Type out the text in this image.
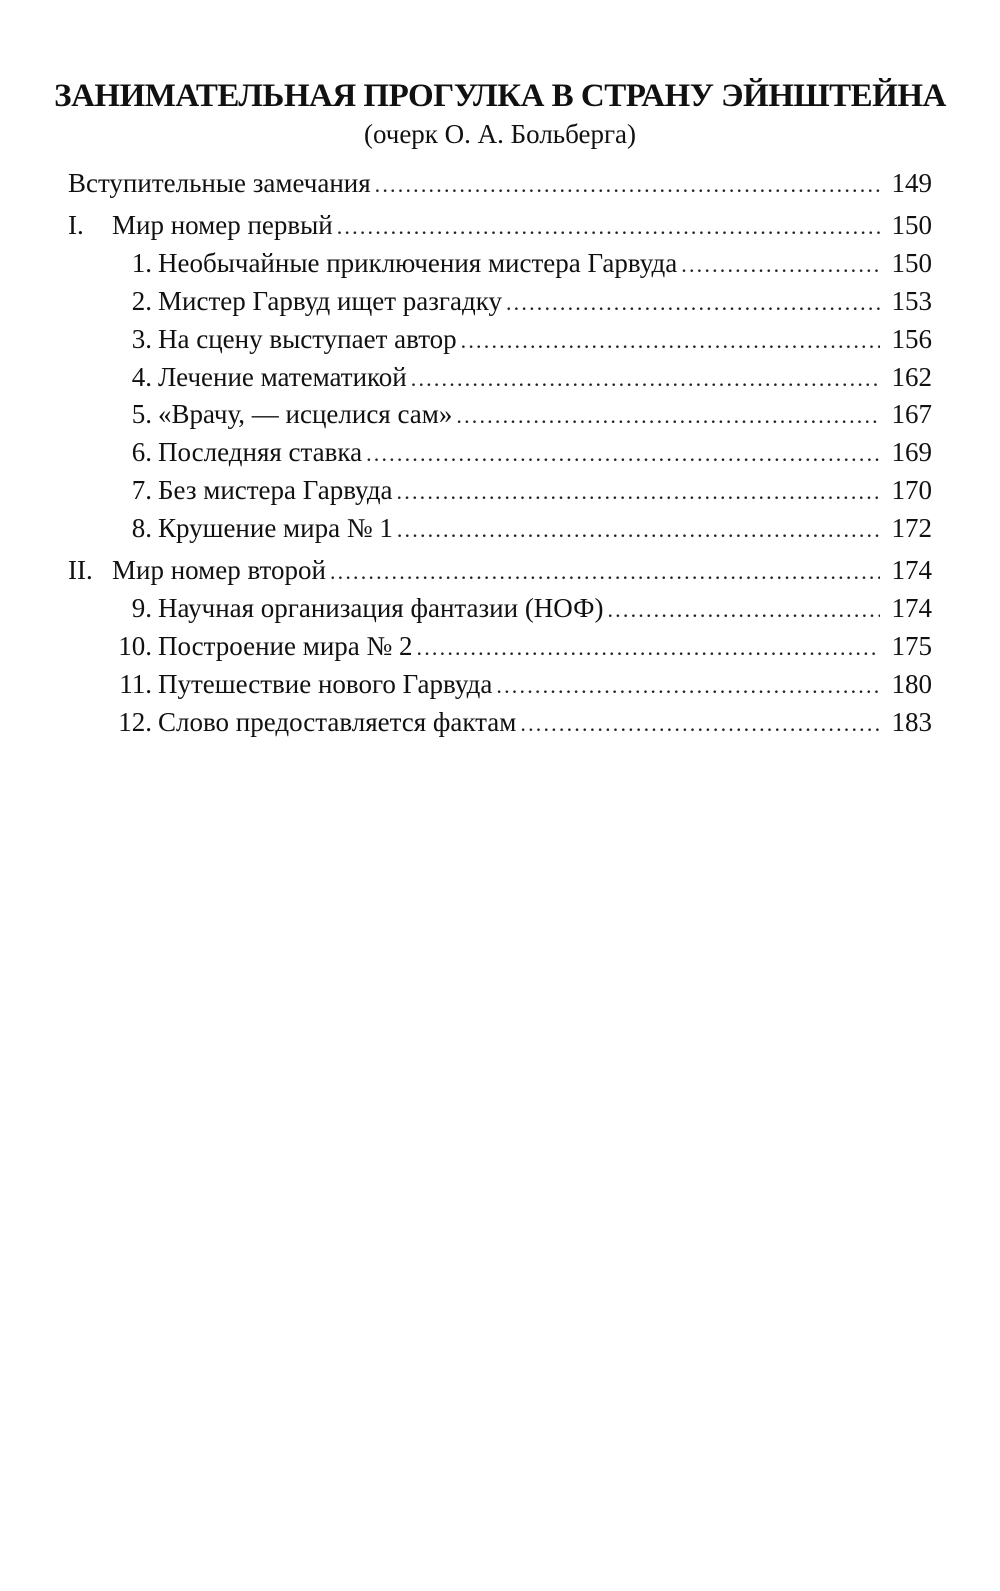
ЗАНИМАТЕЛЬНАЯ ПРОГУЛКА В СТРАНУ ЭЙНШТЕЙНА
(очерк О. А. Больберга)
Вступительные замечания .....	149
I.	Мир номер первый .....	150
1. Необычайные приключения мистера Гарвуда .....	150
2. Мистер Гарвуд ищет разгадку .....	153
3. На сцену выступает автор .....	156
4. Лечение математикой .....	162
5. «Врачу, — исцелися сам» .....	167
6. Последняя ставка .....	169
7. Без мистера Гарвуда .....	170
8. Крушение мира № 1 .....	172
II. Мир номер второй .....	174
9. Научная организация фантазии (НОФ) .....	174
10. Построение мира № 2 .....	175
11. Путешествие нового Гарвуда .....	180
12. Слово предоставляется фактам .....	183
